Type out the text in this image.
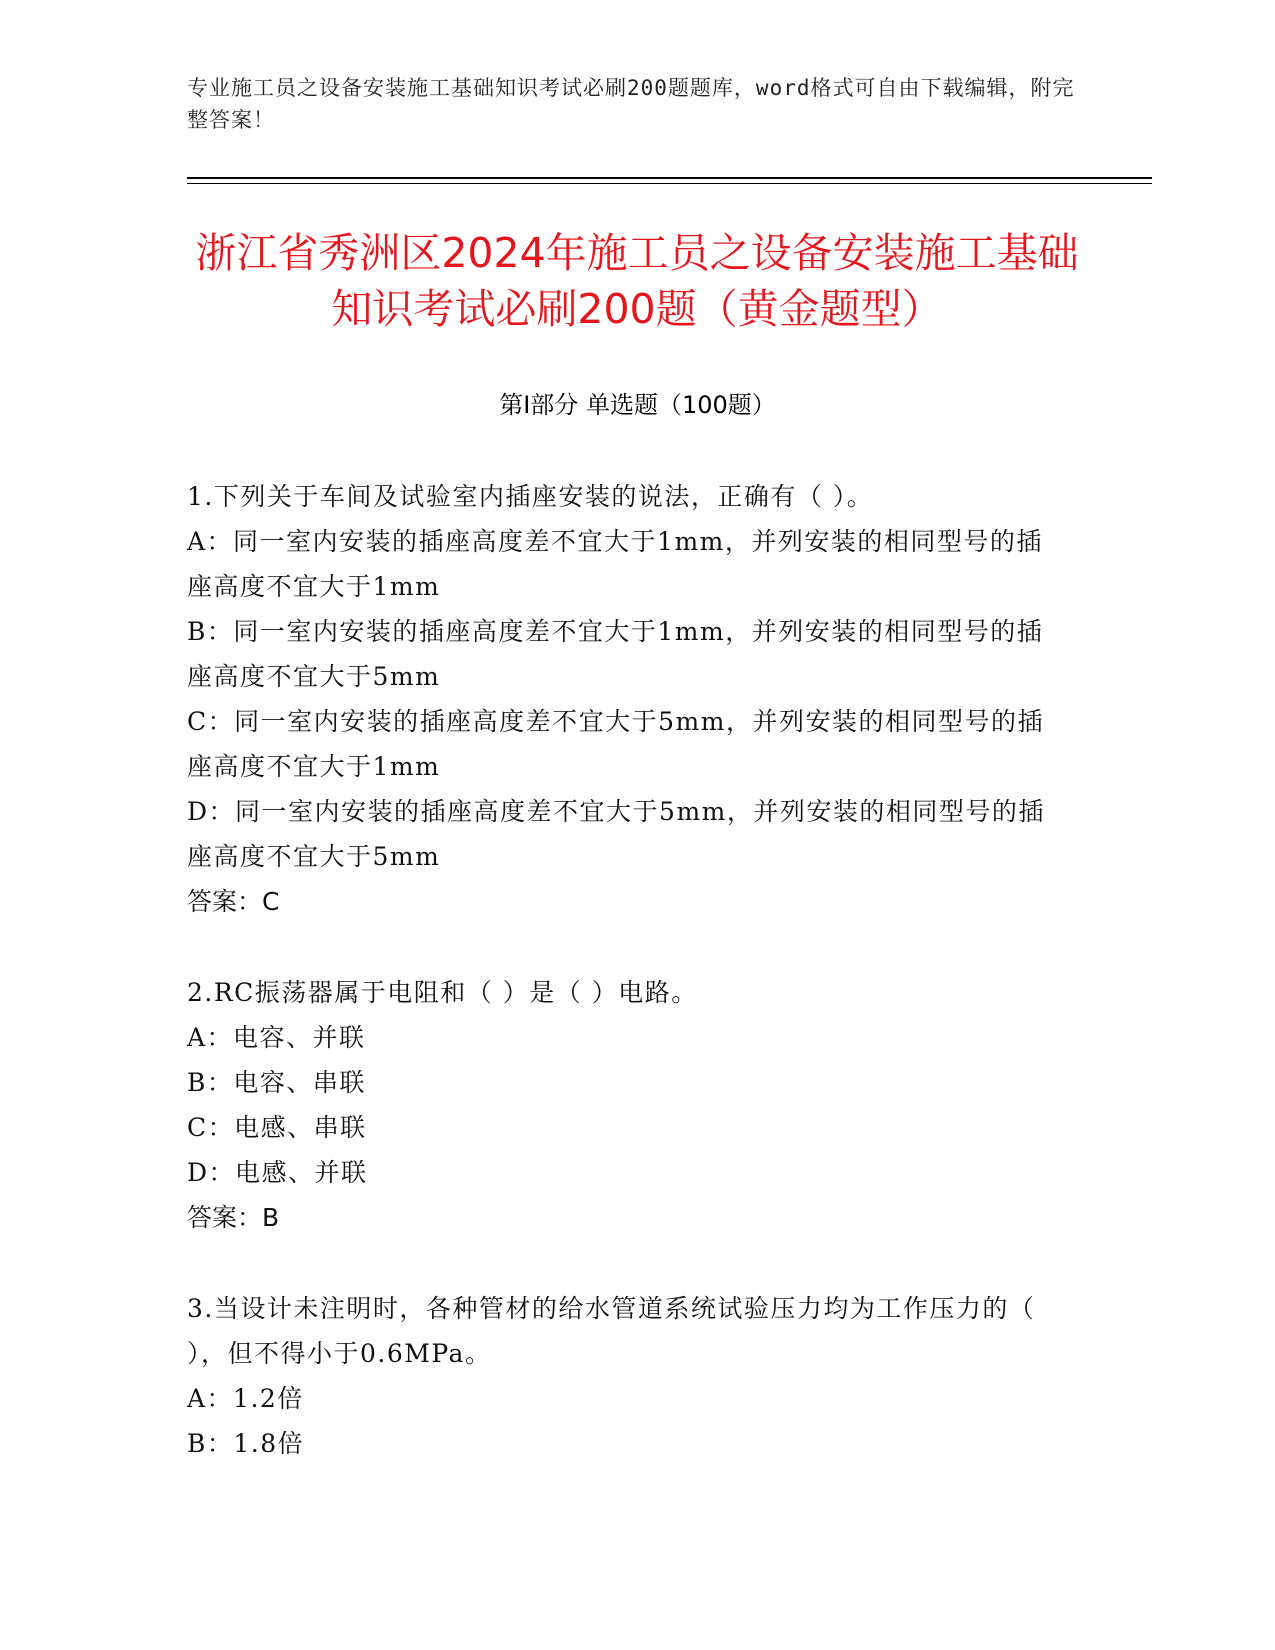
专业施工员之设备安装施工基础知识考试必刷200题题库，word格式可自由下载编辑，附完整答案！
浙江省秀洲区2024年施工员之设备安装施工基础知识考试必刷200题（黄金题型）
第Ⅰ部分 单选题（100题）
1.下列关于车间及试验室内插座安装的说法，正确有（ ）。
A：同一室内安装的插座高度差不宜大于1mm，并列安装的相同型号的插座高度不宜大于1mm
B：同一室内安装的插座高度差不宜大于1mm，并列安装的相同型号的插座高度不宜大于5mm
C：同一室内安装的插座高度差不宜大于5mm，并列安装的相同型号的插座高度不宜大于1mm
D：同一室内安装的插座高度差不宜大于5mm，并列安装的相同型号的插座高度不宜大于5mm
答案：C
2.RC振荡器属于电阻和（ ）是（ ）电路。
A：电容、并联
B：电容、串联
C：电感、串联
D：电感、并联
答案：B
3.当设计未注明时，各种管材的给水管道系统试验压力均为工作压力的（ ），但不得小于0.6MPa。
A：1.2倍
B：1.8倍
